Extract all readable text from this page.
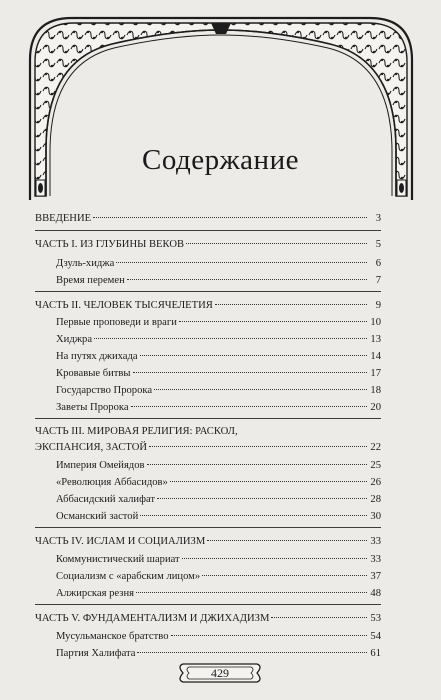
Содержание
ВВЕДЕНИЕ	3
ЧАСТЬ I. ИЗ ГЛУБИНЫ ВЕКОВ	5
Дзуль-хиджа	6
Время перемен	7
ЧАСТЬ II. ЧЕЛОВЕК ТЫСЯЧЕЛЕТИЯ	9
Первые проповеди и враги	10
Хиджра	13
На путях джихада	14
Кровавые битвы	17
Государство Пророка	18
Заветы Пророка	20
ЧАСТЬ III. МИРОВАЯ РЕЛИГИЯ: РАСКОЛ,
ЭКСПАНСИЯ, ЗАСТОЙ	22
Империя Омейядов	25
«Революция Аббасидов»	26
Аббасидский халифат	28
Османский застой	30
ЧАСТЬ IV. ИСЛАМ И СОЦИАЛИЗМ	33
Коммунистический шариат	33
Социализм с «арабским лицом»	37
Алжирская резня	48
ЧАСТЬ V. ФУНДАМЕНТАЛИЗМ И ДЖИХАДИЗМ	53
Мусульманское братство	54
Партия Халифата	61
429
